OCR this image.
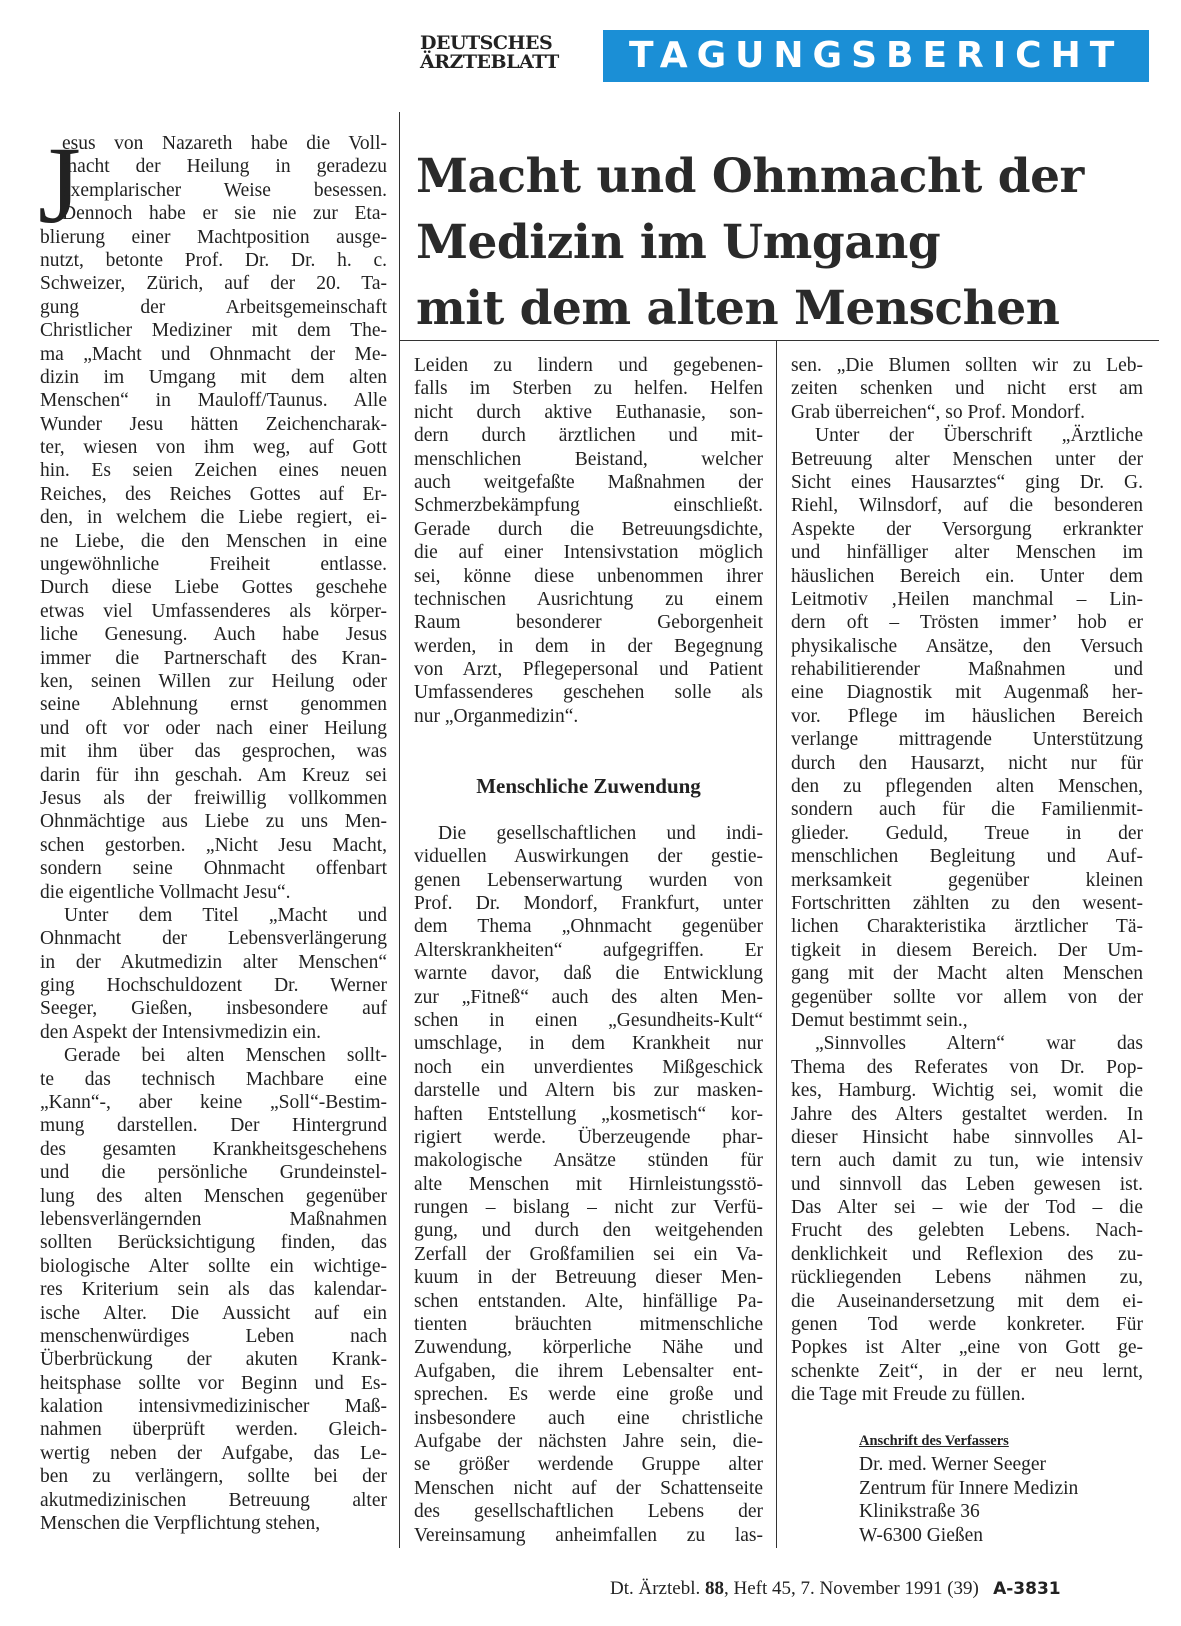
DEUTSCHES
ÄRZTEBLATT	TAGUNGSBERICHT
Macht und Ohnmacht der
Medizin im Umgang
mit dem alten Menschen
J
esus von Nazareth habe die Voll-
macht der Heilung in geradezu
exemplarischer Weise besessen.
Dennoch habe er sie nie zur Eta-
blierung einer Machtposition ausge-
nutzt, betonte Prof. Dr. Dr. h. c.
Schweizer, Zürich, auf der 20. Ta-
gung der Arbeitsgemeinschaft
Christlicher Mediziner mit dem The-
ma „Macht und Ohnmacht der Me-
dizin im Umgang mit dem alten
Menschen“ in Mauloff/Taunus. Alle
Wunder Jesu hätten Zeichencharak-
ter, wiesen von ihm weg, auf Gott
hin. Es seien Zeichen eines neuen
Reiches, des Reiches Gottes auf Er-
den, in welchem die Liebe regiert, ei-
ne Liebe, die den Menschen in eine
ungewöhnliche Freiheit entlasse.
Durch diese Liebe Gottes geschehe
etwas viel Umfassenderes als körper-
liche Genesung. Auch habe Jesus
immer die Partnerschaft des Kran-
ken, seinen Willen zur Heilung oder
seine Ablehnung ernst genommen
und oft vor oder nach einer Heilung
mit ihm über das gesprochen, was
darin für ihn geschah. Am Kreuz sei
Jesus als der freiwillig vollkommen
Ohnmächtige aus Liebe zu uns Men-
schen gestorben. „Nicht Jesu Macht,
sondern seine Ohnmacht offenbart
die eigentliche Vollmacht Jesu“.
Unter dem Titel „Macht und
Ohnmacht der Lebensverlängerung
in der Akutmedizin alter Menschen“
ging Hochschuldozent Dr. Werner
Seeger, Gießen, insbesondere auf
den Aspekt der Intensivmedizin ein.
Gerade bei alten Menschen sollt-
te das technisch Machbare eine
„Kann“-, aber keine „Soll“-Bestim-
mung darstellen. Der Hintergrund
des gesamten Krankheitsgeschehens
und die persönliche Grundeinstel-
lung des alten Menschen gegenüber
lebensverlängernden Maßnahmen
sollten Berücksichtigung finden, das
biologische Alter sollte ein wichtige-
res Kriterium sein als das kalendar-
ische Alter. Die Aussicht auf ein
menschenwürdiges Leben nach
Überbrückung der akuten Krank-
heitsphase sollte vor Beginn und Es-
kalation intensivmedizinischer Maß-
nahmen überprüft werden. Gleich-
wertig neben der Aufgabe, das Le-
ben zu verlängern, sollte bei der
akutmedizinischen Betreuung alter
Menschen die Verpflichtung stehen,
Leiden zu lindern und gegebenen-
falls im Sterben zu helfen. Helfen
nicht durch aktive Euthanasie, son-
dern durch ärztlichen und mit-
menschlichen Beistand, welcher
auch weitgefaßte Maßnahmen der
Schmerzbekämpfung einschließt.
Gerade durch die Betreuungsdichte,
die auf einer Intensivstation möglich
sei, könne diese unbenommen ihrer
technischen Ausrichtung zu einem
Raum besonderer Geborgenheit
werden, in dem in der Begegnung
von Arzt, Pflegepersonal und Patient
Umfassenderes geschehen solle als
nur „Organmedizin“.
Menschliche Zuwendung
Die gesellschaftlichen und indi-
viduellen Auswirkungen der gestie-
genen Lebenserwartung wurden von
Prof. Dr. Mondorf, Frankfurt, unter
dem Thema „Ohnmacht gegenüber
Alterskrankheiten“ aufgegriffen. Er
warnte davor, daß die Entwicklung
zur „Fitneß“ auch des alten Men-
schen in einen „Gesundheits-Kult“
umschlage, in dem Krankheit nur
noch ein unverdientes Mißgeschick
darstelle und Altern bis zur masken-
haften Entstellung „kosmetisch“ kor-
rigiert werde. Überzeugende phar-
makologische Ansätze stünden für
alte Menschen mit Hirnleistungsstö-
rungen – bislang – nicht zur Verfü-
gung, und durch den weitgehenden
Zerfall der Großfamilien sei ein Va-
kuum in der Betreuung dieser Men-
schen entstanden. Alte, hinfällige Pa-
tienten bräuchten mitmenschliche
Zuwendung, körperliche Nähe und
Aufgaben, die ihrem Lebensalter ent-
sprechen. Es werde eine große und
insbesondere auch eine christliche
Aufgabe der nächsten Jahre sein, die-
se größer werdende Gruppe alter
Menschen nicht auf der Schattenseite
des gesellschaftlichen Lebens der
Vereinsamung anheimfallen zu las-
sen. „Die Blumen sollten wir zu Leb-
zeiten schenken und nicht erst am
Grab überreichen“, so Prof. Mondorf.
Unter der Überschrift „Ärztliche
Betreuung alter Menschen unter der
Sicht eines Hausarztes“ ging Dr. G.
Riehl, Wilnsdorf, auf die besonderen
Aspekte der Versorgung erkrankter
und hinfälliger alter Menschen im
häuslichen Bereich ein. Unter dem
Leitmotiv ‚Heilen manchmal – Lin-
dern oft – Trösten immer’ hob er
physikalische Ansätze, den Versuch
rehabilitierender Maßnahmen und
eine Diagnostik mit Augenmaß her-
vor. Pflege im häuslichen Bereich
verlange mittragende Unterstützung
durch den Hausarzt, nicht nur für
den zu pflegenden alten Menschen,
sondern auch für die Familienmit-
glieder. Geduld, Treue in der
menschlichen Begleitung und Auf-
merksamkeit gegenüber kleinen
Fortschritten zählten zu den wesent-
lichen Charakteristika ärztlicher Tä-
tigkeit in diesem Bereich. Der Um-
gang mit der Macht alten Menschen
gegenüber sollte vor allem von der
Demut bestimmt sein.,
„Sinnvolles Altern“ war das
Thema des Referates von Dr. Pop-
kes, Hamburg. Wichtig sei, womit die
Jahre des Alters gestaltet werden. In
dieser Hinsicht habe sinnvolles Al-
tern auch damit zu tun, wie intensiv
und sinnvoll das Leben gewesen ist.
Das Alter sei – wie der Tod – die
Frucht des gelebten Lebens. Nach-
denklichkeit und Reflexion des zu-
rückliegenden Lebens nähmen zu,
die Auseinandersetzung mit dem ei-
genen Tod werde konkreter. Für
Popkes ist Alter „eine von Gott ge-
schenkte Zeit“, in der er neu lernt,
die Tage mit Freude zu füllen.
Anschrift des Verfassers
Dr. med. Werner Seeger
Zentrum für Innere Medizin
Klinikstraße 36
W-6300 Gießen
Dt. Ärztebl. 88, Heft 45, 7. November 1991 (39) A-3831
